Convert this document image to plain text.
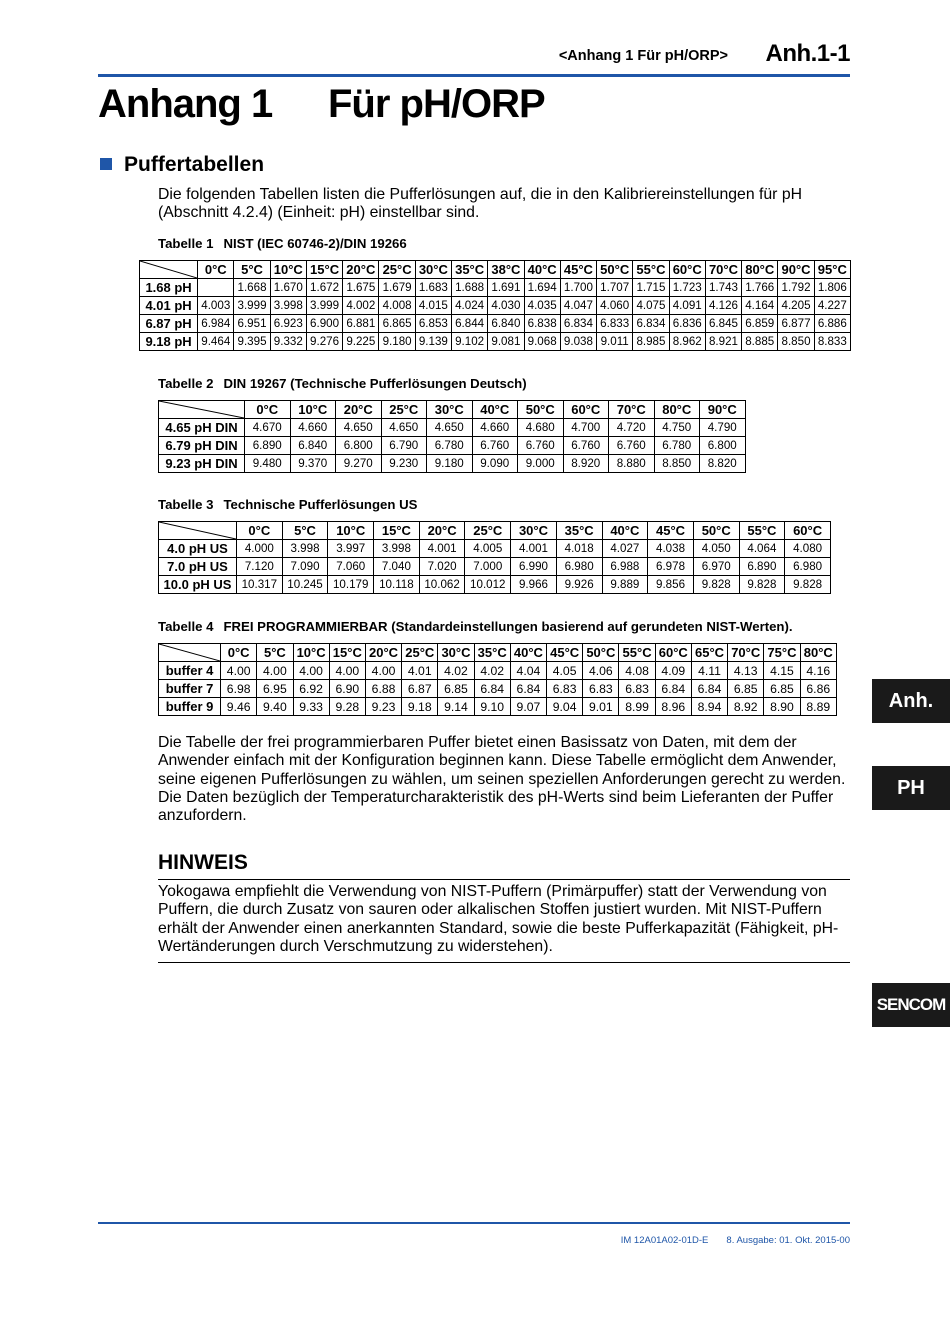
<Anhang 1 Für pH/ORP> Anh.1-1
Anhang 1 Für pH/ORP
Puffertabellen

Die folgenden Tabellen listen die Pufferlösungen auf, die in den Kalibriereinstellungen für pH (Abschnitt 4.2.4) (Einheit: pH) einstellbar sind.

Tabelle 1 NIST (IEC 60746-2)/DIN 19266
Tabelle 2 DIN 19267 (Technische Pufferlösungen Deutsch)
Tabelle 3 Technische Pufferlösungen US
Tabelle 4 FREI PROGRAMMIERBAR (Standardeinstellungen basierend auf gerundeten NIST-Werten).
	0°C	5°C	10°C	15°C	20°C	25°C	30°C	35°C	38°C	40°C	45°C	50°C	55°C	60°C	70°C	80°C	90°C	95°C
1.68 pH		1.668	1.670	1.672	1.675	1.679	1.683	1.688	1.691	1.694	1.700	1.707	1.715	1.723	1.743	1.766	1.792	1.806
4.01 pH	4.003	3.999	3.998	3.999	4.002	4.008	4.015	4.024	4.030	4.035	4.047	4.060	4.075	4.091	4.126	4.164	4.205	4.227
6.87 pH	6.984	6.951	6.923	6.900	6.881	6.865	6.853	6.844	6.840	6.838	6.834	6.833	6.834	6.836	6.845	6.859	6.877	6.886
9.18 pH	9.464	9.395	9.332	9.276	9.225	9.180	9.139	9.102	9.081	9.068	9.038	9.011	8.985	8.962	8.921	8.885	8.850	8.833
	0°C	10°C	20°C	25°C	30°C	40°C	50°C	60°C	70°C	80°C	90°C
4.65 pH DIN	4.670	4.660	4.650	4.650	4.650	4.660	4.680	4.700	4.720	4.750	4.790
6.79 pH DIN	6.890	6.840	6.800	6.790	6.780	6.760	6.760	6.760	6.760	6.780	6.800
9.23 pH DIN	9.480	9.370	9.270	9.230	9.180	9.090	9.000	8.920	8.880	8.850	8.820
	0°C	5°C	10°C	15°C	20°C	25°C	30°C	35°C	40°C	45°C	50°C	55°C	60°C
4.0 pH US	4.000	3.998	3.997	3.998	4.001	4.005	4.001	4.018	4.027	4.038	4.050	4.064	4.080
7.0 pH US	7.120	7.090	7.060	7.040	7.020	7.000	6.990	6.980	6.988	6.978	6.970	6.890	6.980
10.0 pH US	10.317	10.245	10.179	10.118	10.062	10.012	9.966	9.926	9.889	9.856	9.828	9.828	9.828
	0°C	5°C	10°C	15°C	20°C	25°C	30°C	35°C	40°C	45°C	50°C	55°C	60°C	65°C	70°C	75°C	80°C
buffer 4	4.00	4.00	4.00	4.00	4.00	4.01	4.02	4.02	4.04	4.05	4.06	4.08	4.09	4.11	4.13	4.15	4.16
buffer 7	6.98	6.95	6.92	6.90	6.88	6.87	6.85	6.84	6.84	6.83	6.83	6.83	6.84	6.84	6.85	6.85	6.86
buffer 9	9.46	9.40	9.33	9.28	9.23	9.18	9.14	9.10	9.07	9.04	9.01	8.99	8.96	8.94	8.92	8.90	8.89

Die Tabelle der frei programmierbaren Puffer bietet einen Basissatz von Daten, mit dem der Anwender einfach mit der Konfiguration beginnen kann. Diese Tabelle ermöglicht dem Anwender, seine eigenen Pufferlösungen zu wählen, um seinen speziellen Anforderungen gerecht zu werden. Die Daten bezüglich der Temperaturcharakteristik des pH-Werts sind beim Lieferanten der Puffer anzufordern.

HINWEIS

Yokogawa empfiehlt die Verwendung von NIST-Puffern (Primärpuffer) statt der Verwendung von Puffern, die durch Zusatz von sauren oder alkalischen Stoffen justiert wurden. Mit NIST-Puffern erhält der Anwender einen anerkannten Standard, sowie die beste Pufferkapazität (Fähigkeit, pH-Wertänderungen durch Verschmutzung zu widerstehen).

Anh.
PH
SENCOM
IM 12A01A02-01D-E 8. Ausgabe: 01. Okt. 2015-00
